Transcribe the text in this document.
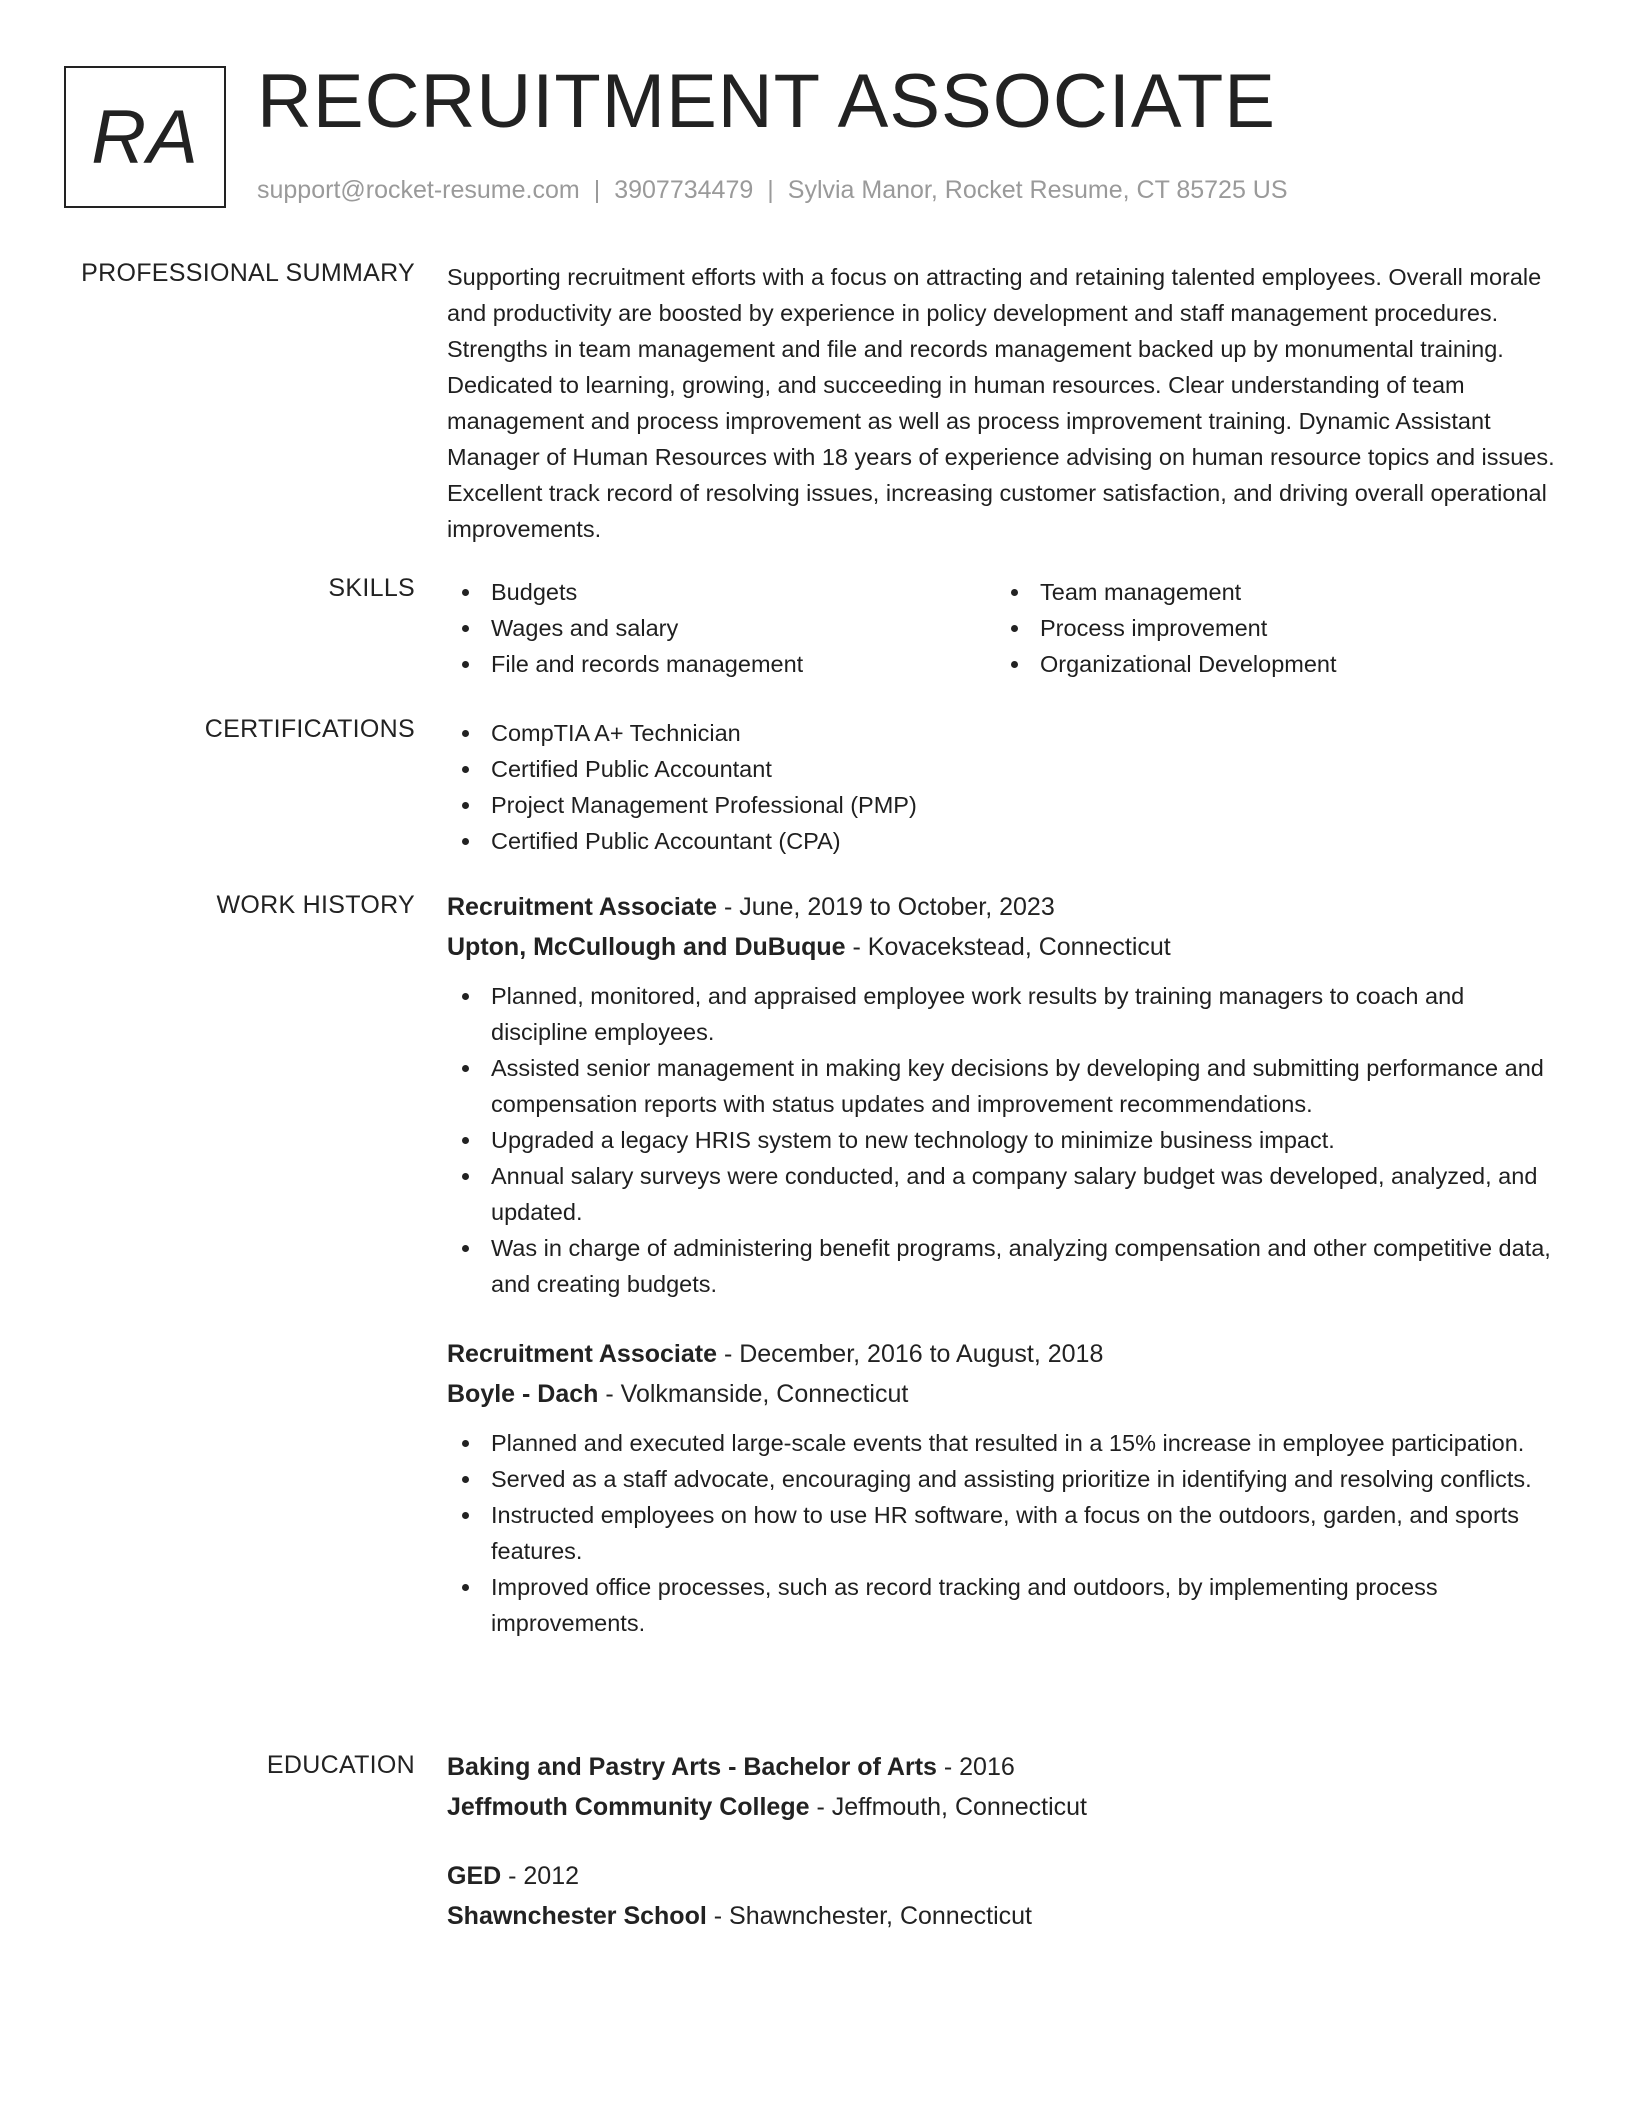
RA RECRUITMENT ASSOCIATE
support@rocket-resume.com | 3907734479 | Sylvia Manor, Rocket Resume, CT 85725 US
PROFESSIONAL SUMMARY Supporting recruitment efforts with a focus on attracting and retaining talented employees. Overall morale and productivity are boosted by experience in policy development and staff management procedures. Strengths in team management and file and records management backed up by monumental training. Dedicated to learning, growing, and succeeding in human resources. Clear understanding of team management and process improvement as well as process improvement training. Dynamic Assistant Manager of Human Resources with 18 years of experience advising on human resource topics and issues. Excellent track record of resolving issues, increasing customer satisfaction, and driving overall operational improvements.
SKILLS	Budgets
Wages and salary
File and records management
Team management
Process improvement
Organizational Development
CERTIFICATIONS	CompTIA A+ Technician
Certified Public Accountant
Project Management Professional (PMP)
Certified Public Accountant (CPA)
WORK HISTORY Recruitment Associate - June, 2019 to October, 2023
Upton, McCullough and DuBuque - Kovacekstead, Connecticut
Planned, monitored, and appraised employee work results by training managers to coach and discipline employees.
Assisted senior management in making key decisions by developing and submitting performance and compensation reports with status updates and improvement recommendations.
Upgraded a legacy HRIS system to new technology to minimize business impact.
Annual salary surveys were conducted, and a company salary budget was developed, analyzed, and updated.
Was in charge of administering benefit programs, analyzing compensation and other competitive data, and creating budgets.
Recruitment Associate - December, 2016 to August, 2018
Boyle - Dach - Volkmanside, Connecticut
Planned and executed large-scale events that resulted in a 15% increase in employee participation.
Served as a staff advocate, encouraging and assisting prioritize in identifying and resolving conflicts.
Instructed employees on how to use HR software, with a focus on the outdoors, garden, and sports features.
Improved office processes, such as record tracking and outdoors, by implementing process improvements.
EDUCATION Baking and Pastry Arts - Bachelor of Arts - 2016
Jeffmouth Community College - Jeffmouth, Connecticut
GED - 2012
Shawnchester School - Shawnchester, Connecticut
